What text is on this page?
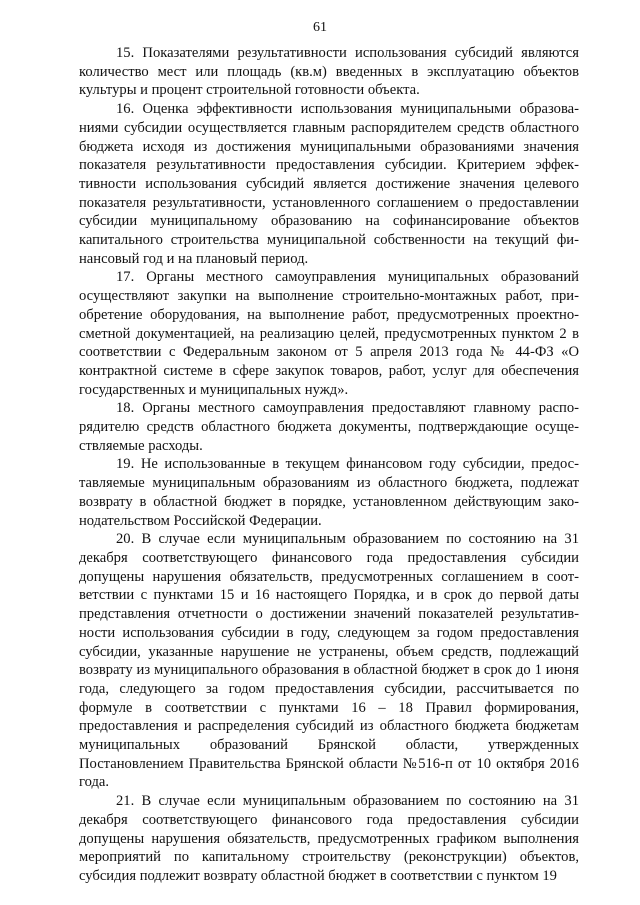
61

15. Показателями результативности использования субсидий являются количество мест или площадь (кв.м) введенных в эксплуатацию объектов культуры и процент строительной готовности объекта.

16. Оценка эффективности использования муниципальными образованиями субсидии осуществляется главным распорядителем средств областного бюджета исходя из достижения муниципальными образованиями значения показателя результативности предоставления субсидии. Критерием эффективности использования субсидий является достижение значения целевого показателя результативности, установленного соглашением о предоставлении субсидии муниципальному образованию на софинансирование объектов капитального строительства муниципальной собственности на текущий финансовый год и на плановый период.

17. Органы местного самоуправления муниципальных образований осуществляют закупки на выполнение строительно-монтажных работ, приобретение оборудования, на выполнение работ, предусмотренных проектно-сметной документацией, на реализацию целей, предусмотренных пунктом 2 в соответствии с Федеральным законом от 5 апреля 2013 года № 44-ФЗ «О контрактной системе в сфере закупок товаров, работ, услуг для обеспечения государственных и муниципальных нужд».

18. Органы местного самоуправления предоставляют главному распорядителю средств областного бюджета документы, подтверждающие осуществляемые расходы.

19. Не использованные в текущем финансовом году субсидии, предоставляемые муниципальным образованиям из областного бюджета, подлежат возврату в областной бюджет в порядке, установленном действующим законодательством Российской Федерации.

20. В случае если муниципальным образованием по состоянию на 31 декабря соответствующего финансового года предоставления субсидии допущены нарушения обязательств, предусмотренных соглашением в соответствии с пунктами 15 и 16 настоящего Порядка, и в срок до первой даты представления отчетности о достижении значений показателей результативности использования субсидии в году, следующем за годом предоставления субсидии, указанные нарушение не устранены, объем средств, подлежащий возврату из муниципального образования в областной бюджет в срок до 1 июня года, следующего за годом предоставления субсидии, рассчитывается по формуле в соответствии с пунктами 16 – 18 Правил формирования, предоставления и распределения субсидий из областного бюджета бюджетам муниципальных образований Брянской области, утвержденных Постановлением Правительства Брянской области №516-п от 10 октября 2016 года.

21. В случае если муниципальным образованием по состоянию на 31 декабря соответствующего финансового года предоставления субсидии допущены нарушения обязательств, предусмотренных графиком выполнения мероприятий по капитальному строительству (реконструкции) объектов, субсидия подлежит возврату областной бюджет в соответствии с пунктом 19
